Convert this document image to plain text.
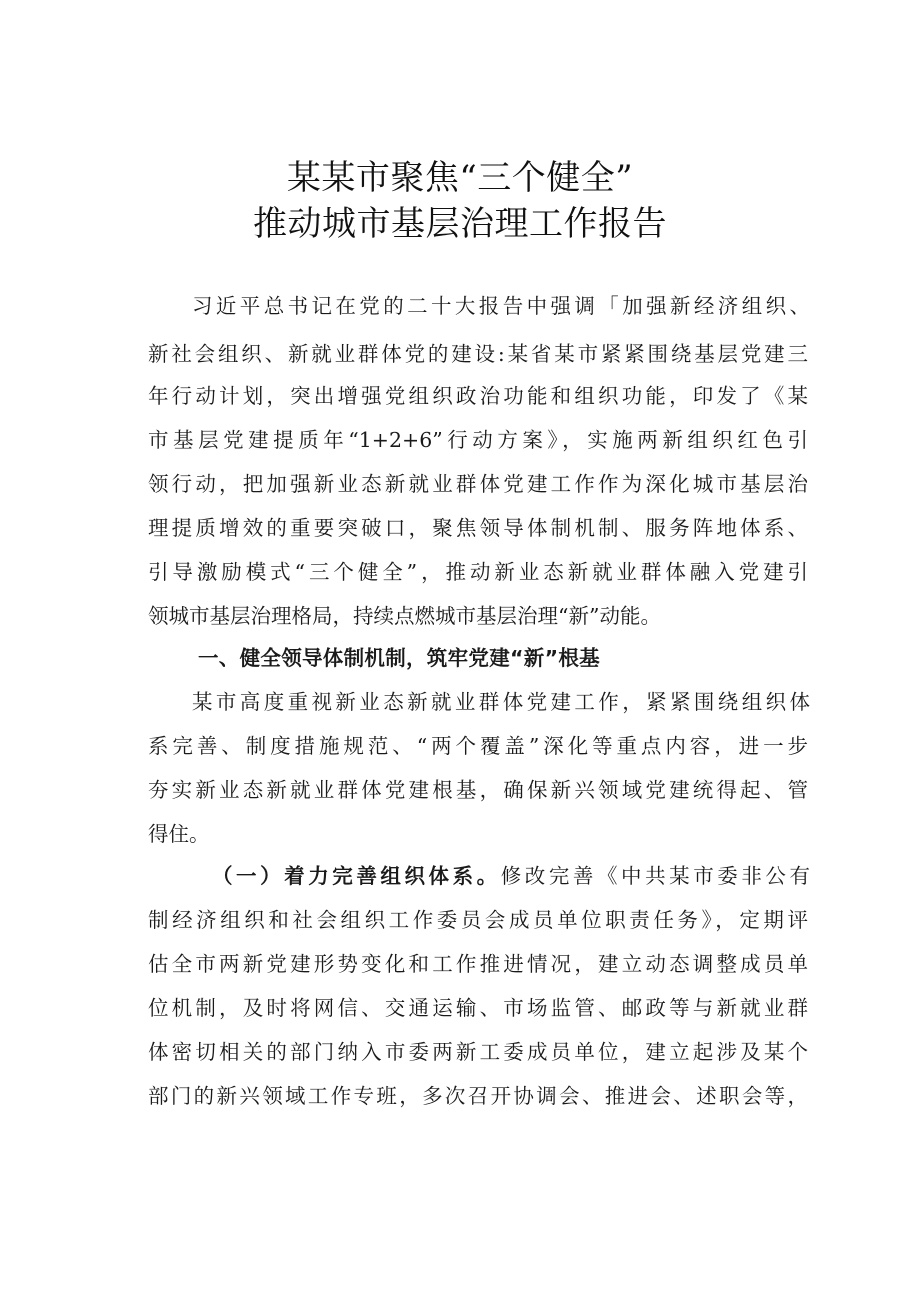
某某市聚焦“三个健全”
推动城市基层治理工作报告
习近平总书记在党的二十大报告中强调「加强新经济组织、
新社会组织、新就业群体党的建设:某省某市紧紧围绕基层党建三
年行动计划，突出增强党组织政治功能和组织功能，印发了《某
市基层党建提质年“1+2+6”行动方案》，实施两新组织红色引
领行动，把加强新业态新就业群体党建工作作为深化城市基层治
理提质增效的重要突破口，聚焦领导体制机制、服务阵地体系、
引导激励模式“三个健全”，推动新业态新就业群体融入党建引
领城市基层治理格局，持续点燃城市基层治理“新”动能。
一、健全领导体制机制，筑牢党建“新”根基
某市高度重视新业态新就业群体党建工作，紧紧围绕组织体
系完善、制度措施规范、“两个覆盖”深化等重点内容，进一步
夯实新业态新就业群体党建根基，确保新兴领域党建统得起、管
得住。
（一）着力完善组织体系。修改完善《中共某市委非公有
制经济组织和社会组织工作委员会成员单位职责任务》，定期评
估全市两新党建形势变化和工作推进情况，建立动态调整成员单
位机制，及时将网信、交通运输、市场监管、邮政等与新就业群
体密切相关的部门纳入市委两新工委成员单位，建立起涉及某个
部门的新兴领域工作专班，多次召开协调会、推进会、述职会等，
